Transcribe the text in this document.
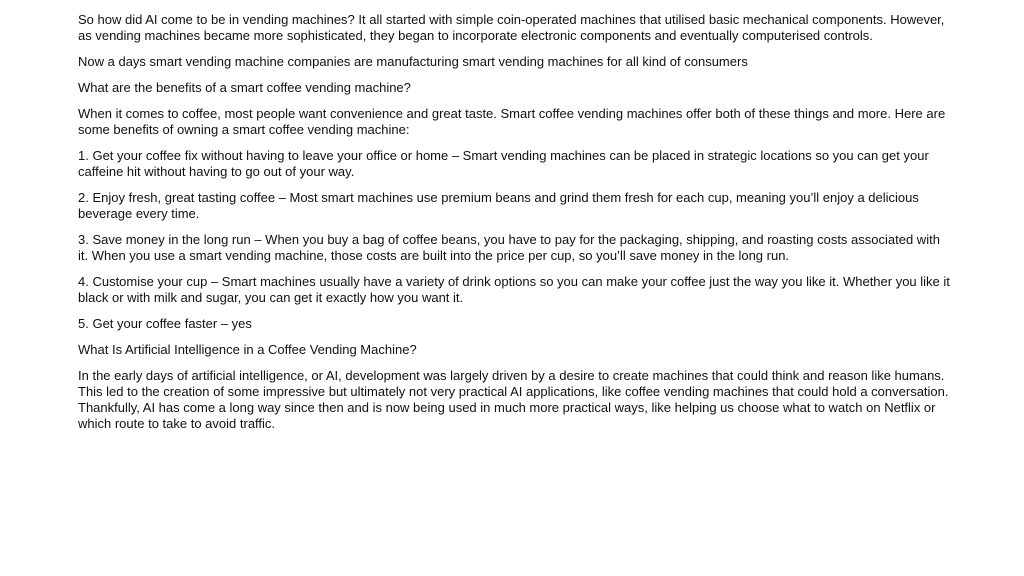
So how did AI come to be in vending machines? It all started with simple coin-operated machines that utilised basic mechanical components. However, as vending machines became more sophisticated, they began to incorporate electronic components and eventually computerised controls.

Now a days smart vending machine companies are manufacturing smart vending machines for all kind of consumers

What are the benefits of a smart coffee vending machine?

When it comes to coffee, most people want convenience and great taste. Smart coffee vending machines offer both of these things and more. Here are some benefits of owning a smart coffee vending machine:

1. Get your coffee fix without having to leave your office or home – Smart vending machines can be placed in strategic locations so you can get your caffeine hit without having to go out of your way.

2. Enjoy fresh, great tasting coffee – Most smart machines use premium beans and grind them fresh for each cup, meaning you’ll enjoy a delicious beverage every time.

3. Save money in the long run – When you buy a bag of coffee beans, you have to pay for the packaging, shipping, and roasting costs associated with it. When you use a smart vending machine, those costs are built into the price per cup, so you’ll save money in the long run.

4. Customise your cup – Smart machines usually have a variety of drink options so you can make your coffee just the way you like it. Whether you like it black or with milk and sugar, you can get it exactly how you want it.

5. Get your coffee faster – yes

What Is Artificial Intelligence in a Coffee Vending Machine?

In the early days of artificial intelligence, or AI, development was largely driven by a desire to create machines that could think and reason like humans. This led to the creation of some impressive but ultimately not very practical AI applications, like coffee vending machines that could hold a conversation. Thankfully, AI has come a long way since then and is now being used in much more practical ways, like helping us choose what to watch on Netflix or which route to take to avoid traffic.
